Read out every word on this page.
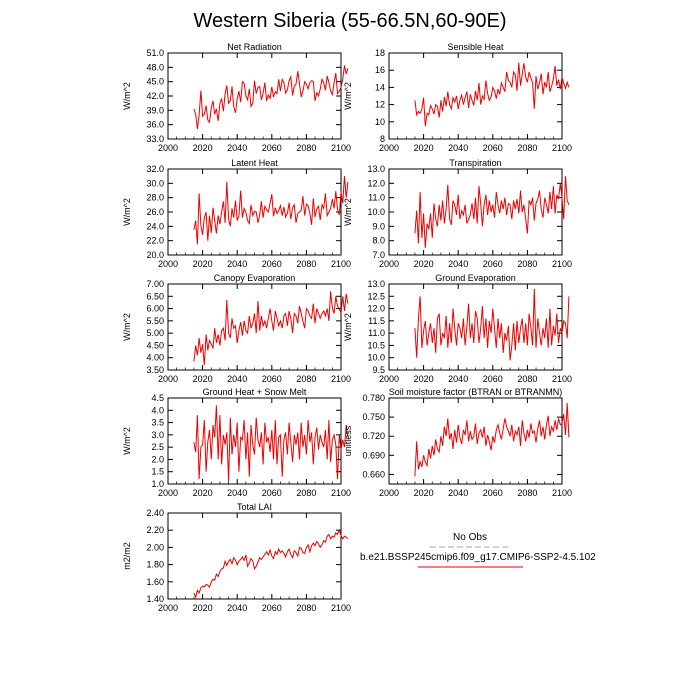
Western Siberia (55-66.5N,60-90E)
Net Radiation
W/m^2
2000 2020 2040 2060 2080 2100
33.0
36.0
39.0
42.0
45.0
48.0
51.0
Sensible Heat
W/m^2
2000 2020 2040 2060 2080 2100
8
10
12
14
16
18
Latent Heat
W/m^2
2000 2020 2040 2060 2080 2100
20.0
22.0
24.0
26.0
28.0
30.0
32.0
Transpiration
W/m^2
2000 2020 2040 2060 2080 2100
7.0
8.0
9.0
10.0
11.0
12.0
13.0
Canopy Evaporation
W/m^2
2000 2020 2040 2060 2080 2100
3.50
4.00
4.50
5.00
5.50
6.00
6.50
7.00
Ground Evaporation
W/m^2
2000 2020 2040 2060 2080 2100
9.5
10.0
10.5
11.0
11.5
12.0
12.5
13.0
Ground Heat + Snow Melt
W/m^2
2000 2020 2040 2060 2080 2100
1.0
1.5
2.0
2.5
3.0
3.5
4.0
4.5
Soil moisture factor (BTRAN or BTRANMN)
unitless
2000 2020 2040 2060 2080 2100
0.660
0.690
0.720
0.750
0.780
Total LAI
m2/m2
2000 2020 2040 2060 2080 2100
1.40
1.60
1.80
2.00
2.20
2.40
No Obs
b.e21.BSSP245cmip6.f09_g17.CMIP6-SSP2-4.5.102
